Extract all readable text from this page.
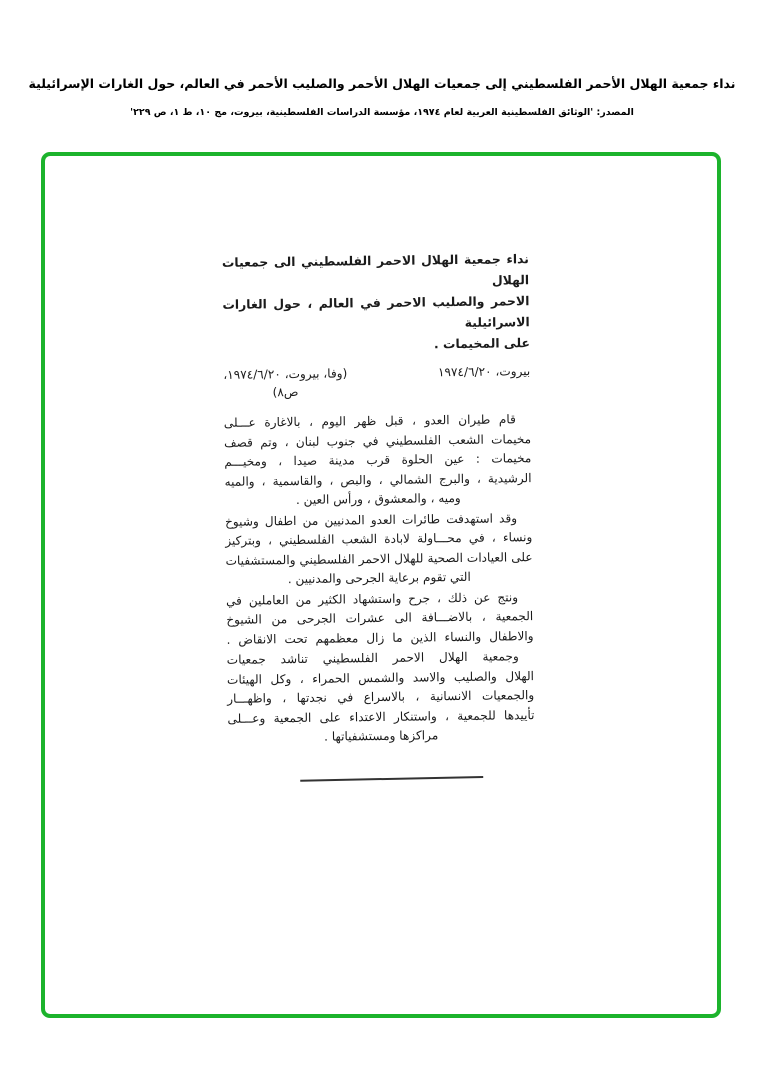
نداء جمعية الهلال الأحمر الفلسطيني إلى جمعيات الهلال الأحمر والصليب الأحمر في العالم، حول الغارات الإسرائيلية
المصدر: 'الوثائق الفلسطينية العربية لعام ١٩٧٤، مؤسسة الدراسات الفلسطينية، بيروت، مج ١٠، ط ١، ص ٢٢٩'
نداء جمعية الهلال الاحمر الفلسطيني الى جمعيات الهلال
الاحمر والصليب الاحمر في العالم ، حول الغارات الاسرائيلية
على المخيمات .
بيروت، ١٩٧٤/٦/٢٠
(وفا، بيروت، ١٩٧٤/٦/٢٠،
ص٨)
قام طيران العدو ، قبل ظهر اليوم ، بالاغارة عـــلى
مخيمات الشعب الفلسطيني في جنوب لبنان ، وتم قصف
مخيمات : عين الحلوة قرب مدينة صيدا ، ومخيـــم
الرشيدية ، والبرج الشمالي ، والبص ، والقاسمية ، والميه
وميه ، والمعشوق ، ورأس العين .
وقد استهدفت طائرات العدو المدنيين من اطفال وشيوخ
ونساء ، في محـــاولة لابادة الشعب الفلسطيني ، وبتركيز
على العيادات الصحية للهلال الاحمر الفلسطيني والمستشفيات
التي تقوم برعاية الجرحى والمدنيين .
ونتج عن ذلك ، جرح واستشهاد الكثير من العاملين في
الجمعية ، بالاضـــافة الى عشرات الجرحى من الشيوخ
والاطفال والنساء الذين ما زال معظمهم تحت الانقاض .
وجمعية الهلال الاحمر الفلسطيني تناشد جمعيات
الهلال والصليب والاسد والشمس الحمراء ، وكل الهيئات
والجمعيات الانسانية ، بالاسراع في نجدتها ، واظهـــار
تأييدها للجمعية ، واستنكار الاعتداء على الجمعية وعـــلى
مراكزها ومستشفياتها .
